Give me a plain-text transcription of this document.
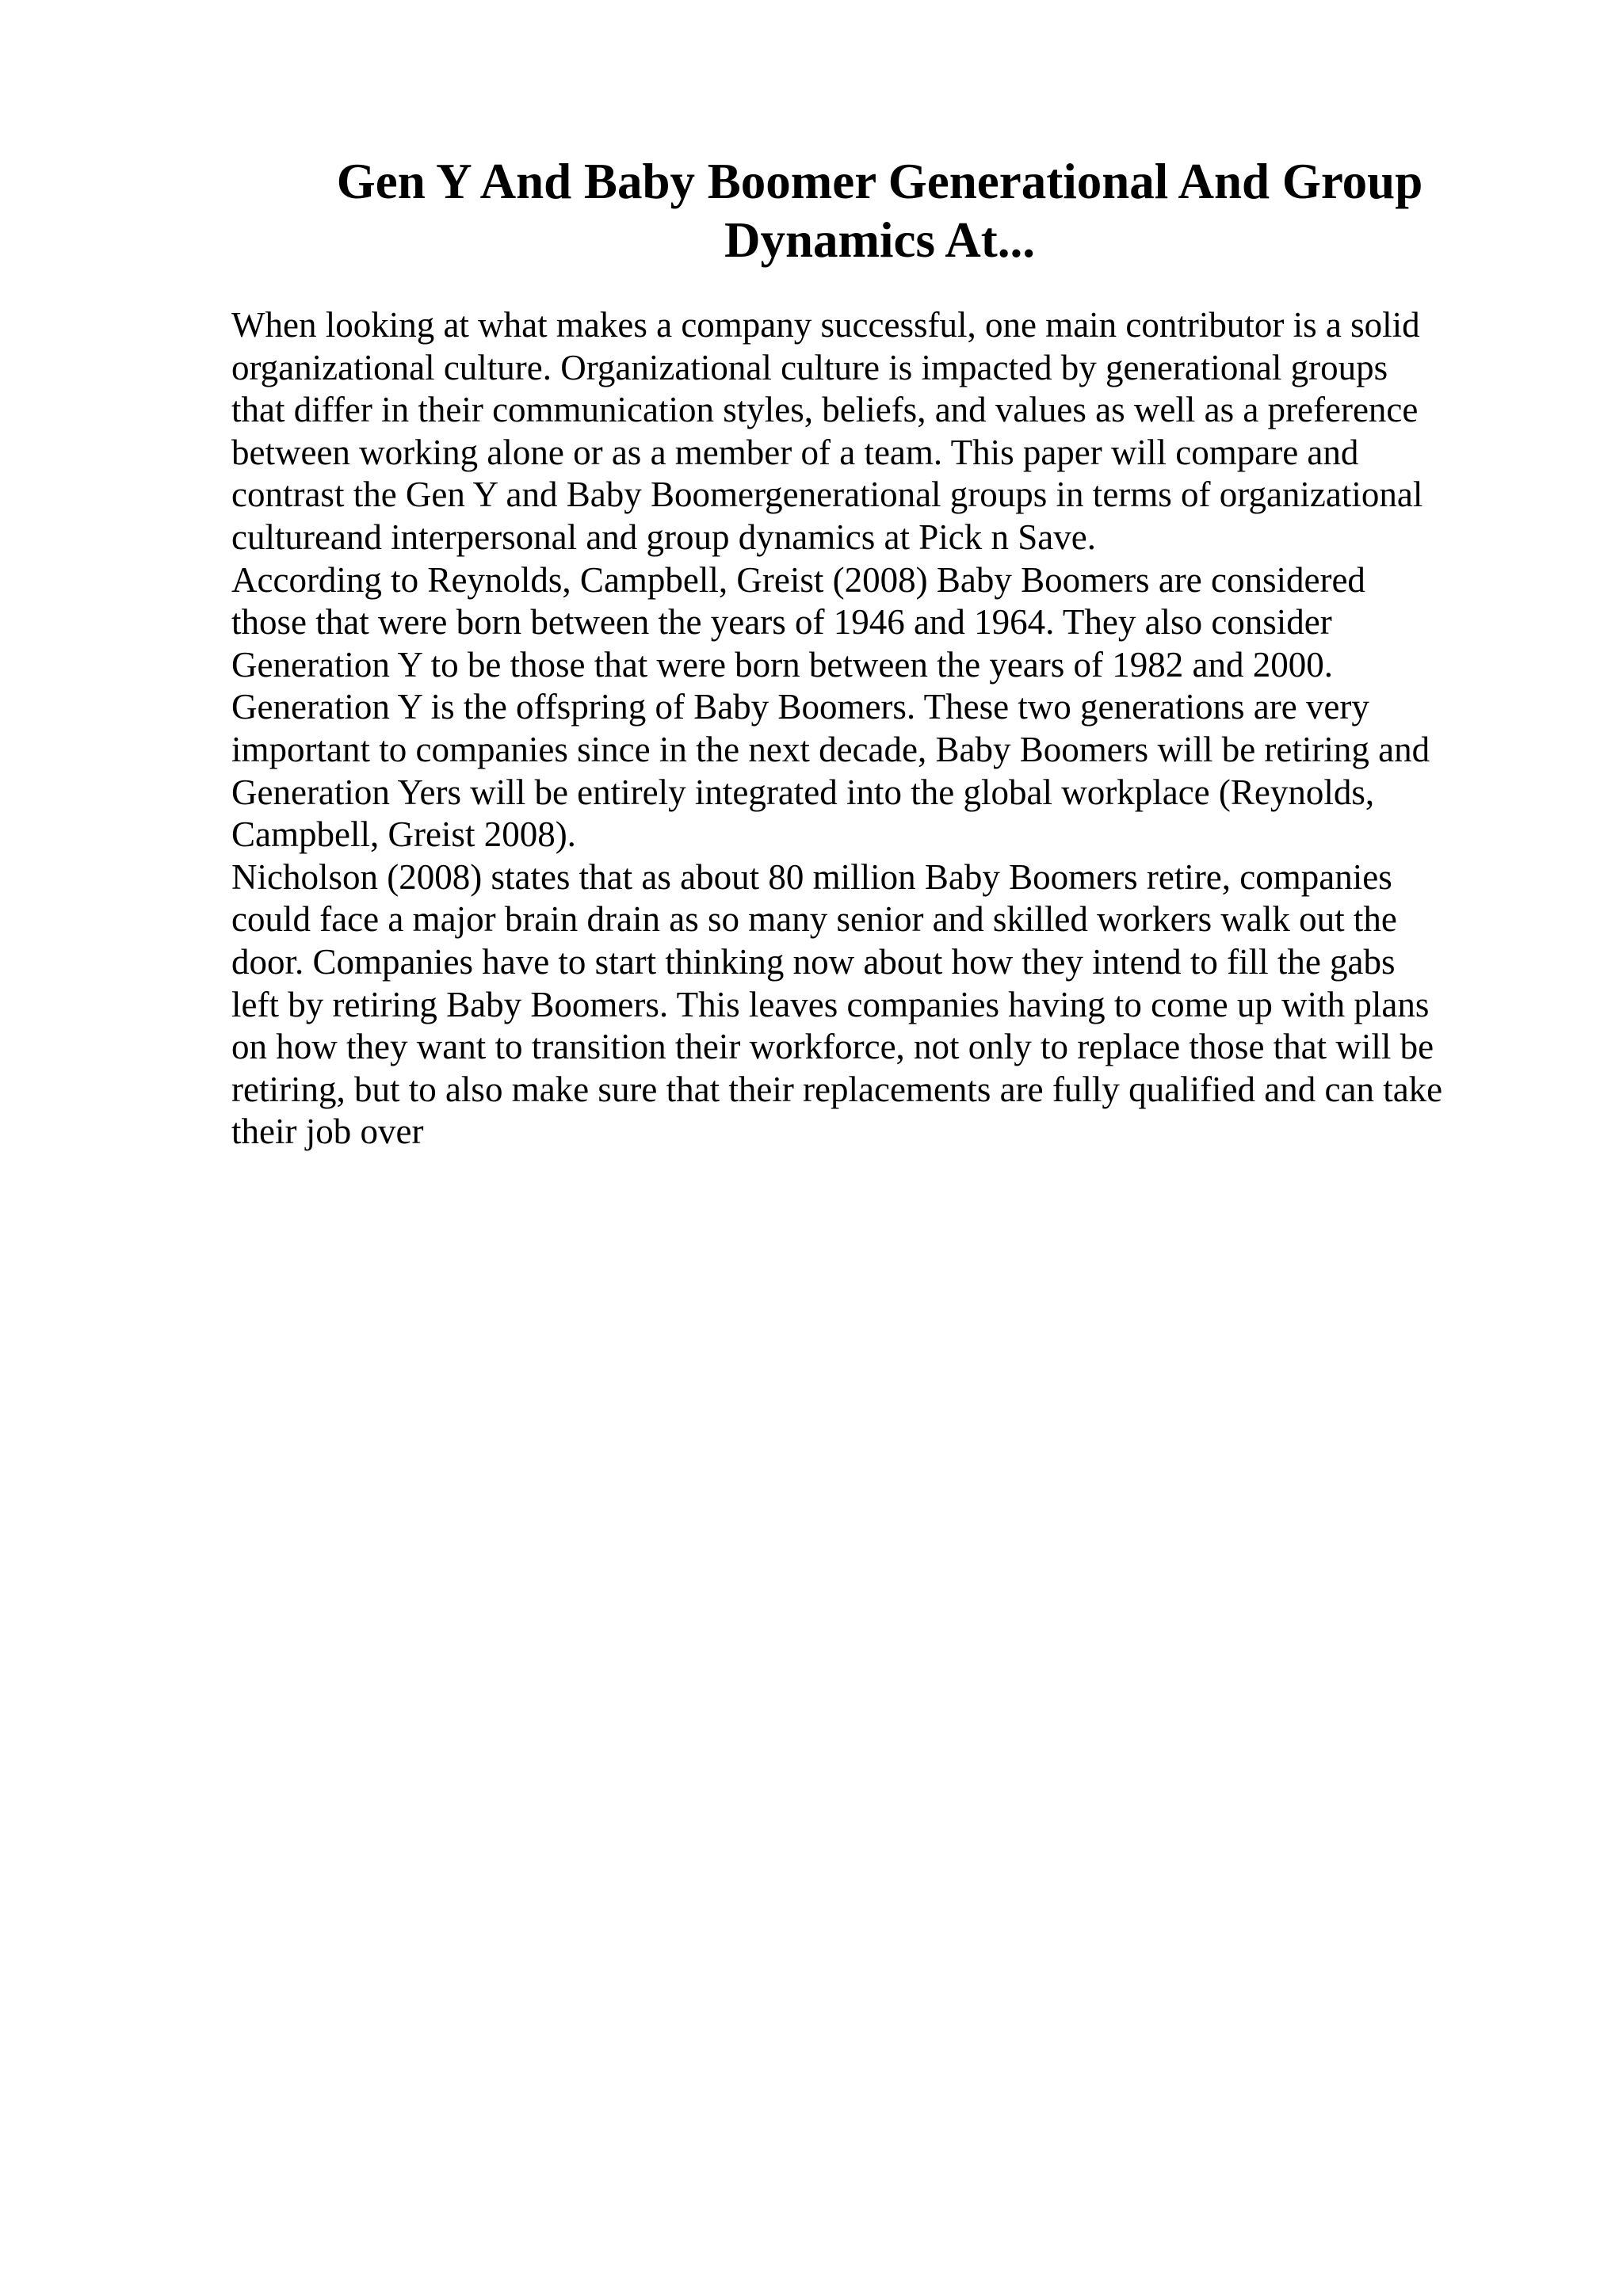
Gen Y And Baby Boomer Generational And Group
Dynamics At...
When looking at what makes a company successful, one main contributor is a solid
organizational culture. Organizational culture is impacted by generational groups
that differ in their communication styles, beliefs, and values as well as a preference
between working alone or as a member of a team. This paper will compare and
contrast the Gen Y and Baby Boomergenerational groups in terms of organizational
cultureand interpersonal and group dynamics at Pick n Save.
According to Reynolds, Campbell, Greist (2008) Baby Boomers are considered
those that were born between the years of 1946 and 1964. They also consider
Generation Y to be those that were born between the years of 1982 and 2000.
Generation Y is the offspring of Baby Boomers. These two generations are very
important to companies since in the next decade, Baby Boomers will be retiring and
Generation Yers will be entirely integrated into the global workplace (Reynolds,
Campbell, Greist 2008).
Nicholson (2008) states that as about 80 million Baby Boomers retire, companies
could face a major brain drain as so many senior and skilled workers walk out the
door. Companies have to start thinking now about how they intend to fill the gabs
left by retiring Baby Boomers. This leaves companies having to come up with plans
on how they want to transition their workforce, not only to replace those that will be
retiring, but to also make sure that their replacements are fully qualified and can take
their job over
